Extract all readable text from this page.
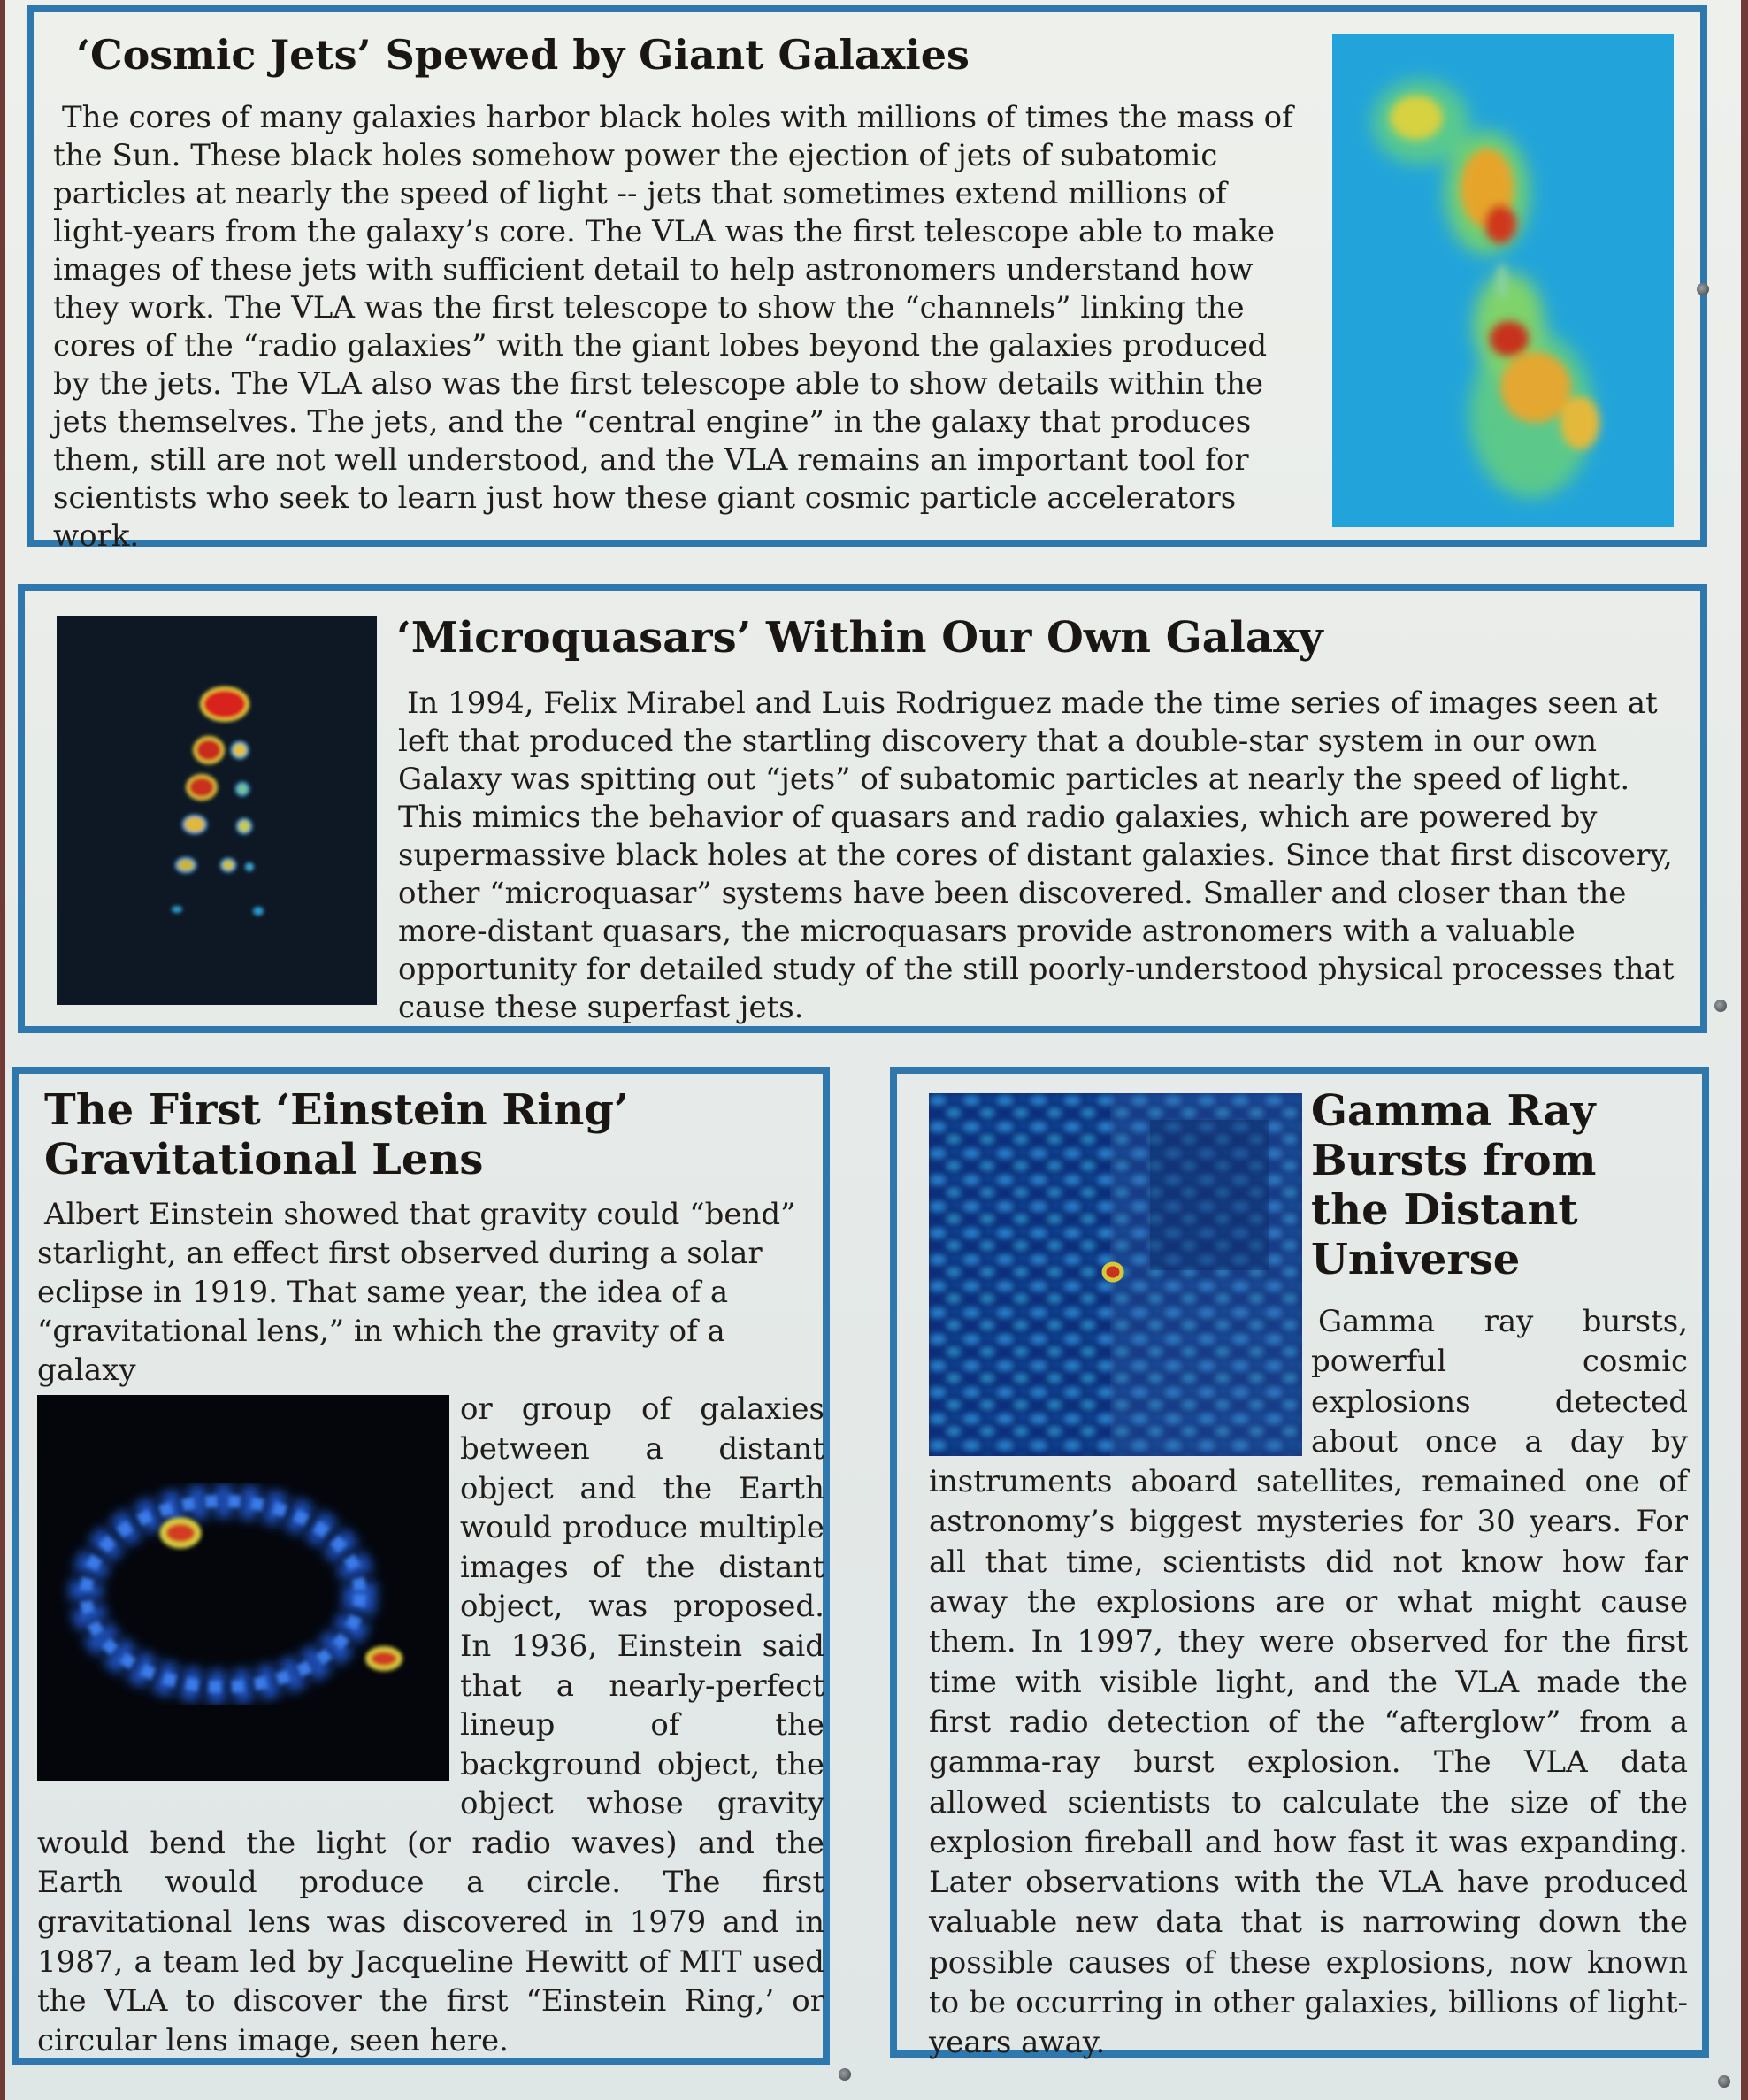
‘Cosmic Jets’ Spewed by Giant Galaxies

The cores of many galaxies harbor black holes with millions of times the mass of the Sun. These black holes somehow power the ejection of jets of subatomic particles at nearly the speed of light -- jets that sometimes extend millions of light-years from the galaxy’s core. The VLA was the first telescope able to make images of these jets with sufficient detail to help astronomers understand how they work. The VLA was the first telescope to show the “channels” linking the cores of the “radio galaxies” with the giant lobes beyond the galaxies produced by the jets. The VLA also was the first telescope able to show details within the jets themselves. The jets, and the “central engine” in the galaxy that produces them, still are not well understood, and the VLA remains an important tool for scientists who seek to learn just how these giant cosmic particle accelerators work.

‘Microquasars’ Within Our Own Galaxy

In 1994, Felix Mirabel and Luis Rodriguez made the time series of images seen at left that produced the startling discovery that a double-star system in our own Galaxy was spitting out “jets” of subatomic particles at nearly the speed of light. This mimics the behavior of quasars and radio galaxies, which are powered by supermassive black holes at the cores of distant galaxies. Since that first discovery, other “microquasar” systems have been discovered. Smaller and closer than the more-distant quasars, the microquasars provide astronomers with a valuable opportunity for detailed study of the still poorly-understood physical processes that cause these superfast jets.

The First ‘Einstein Ring’ Gravitational Lens

Albert Einstein showed that gravity could “bend” starlight, an effect first observed during a solar eclipse in 1919. That same year, the idea of a “gravitational lens,” in which the gravity of a galaxy

or group of galaxies between a distant object and the Earth would produce multiple images of the distant object, was proposed. In 1936, Einstein said that a nearly-perfect lineup of the background object, the object whose gravity would bend the light (or radio waves) and the Earth would produce a circle. The first gravitational lens was discovered in 1979 and in 1987, a team led by Jacqueline Hewitt of MIT used the VLA to discover the first “Einstein Ring,’ or circular lens image, seen here.

Gamma Ray Bursts from the Distant Universe

Gamma ray bursts, powerful cosmic explosions detected about once a day by instruments aboard satellites, remained one of astronomy’s biggest mysteries for 30 years. For all that time, scientists did not know how far away the explosions are or what might cause them. In 1997, they were observed for the first time with visible light, and the VLA made the first radio detection of the “afterglow” from a gamma-ray burst explosion. The VLA data allowed scientists to calculate the size of the explosion fireball and how fast it was expanding. Later observations with the VLA have produced valuable new data that is narrowing down the possible causes of these explosions, now known to be occurring in other galaxies, billions of light-years away.
